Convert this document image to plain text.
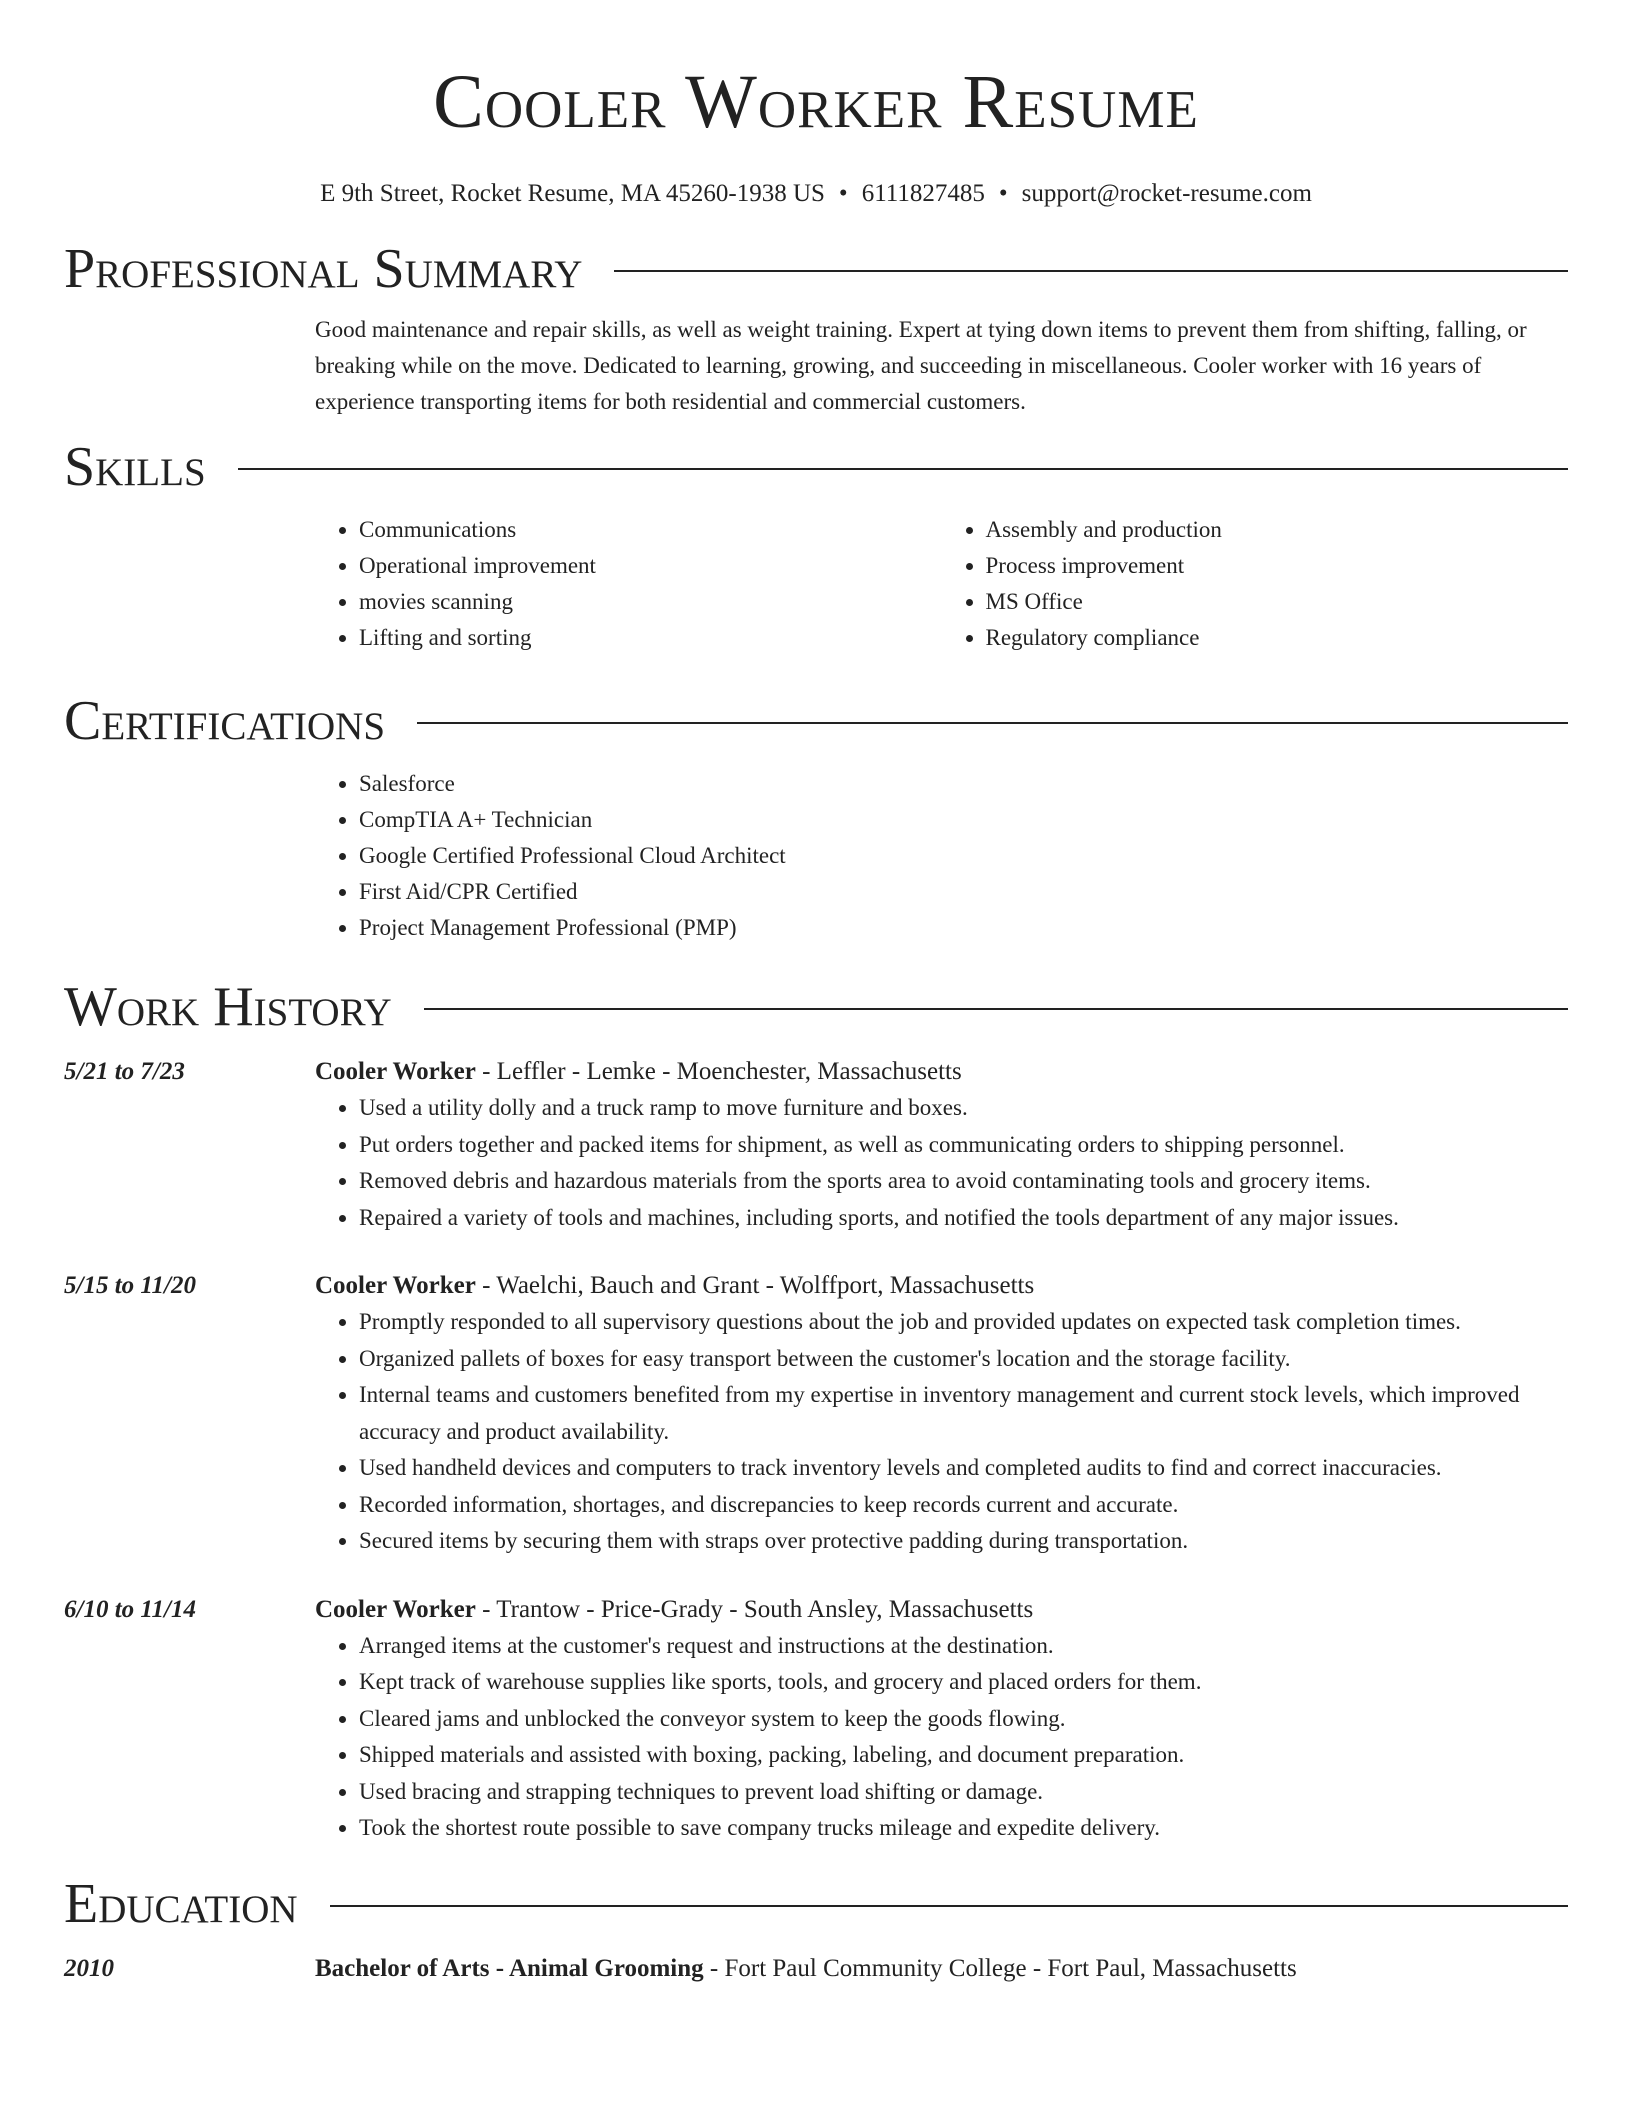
Cooler Worker Resume
E 9th Street, Rocket Resume, MA 45260-1938 US • 6111827485 • support@rocket-resume.com
Professional Summary

Good maintenance and repair skills, as well as weight training. Expert at tying down items to prevent them from shifting, falling, or breaking while on the move. Dedicated to learning, growing, and succeeding in miscellaneous. Cooler worker with 16 years of experience transporting items for both residential and commercial customers.

Skills
• Communications
• Operational improvement
• movies scanning
• Lifting and sorting
• Assembly and production
• Process improvement
• MS Office
• Regulatory compliance
Certifications
• Salesforce
• CompTIA A+ Technician
• Google Certified Professional Cloud Architect
• First Aid/CPR Certified
• Project Management Professional (PMP)
Work History
5/21 to 7/23	Cooler Worker - Leffler - Lemke - Moenchester, Massachusetts
• Used a utility dolly and a truck ramp to move furniture and boxes.
• Put orders together and packed items for shipment, as well as communicating orders to shipping personnel.
• Removed debris and hazardous materials from the sports area to avoid contaminating tools and grocery items.
• Repaired a variety of tools and machines, including sports, and notified the tools department of any major issues.
5/15 to 11/20	Cooler Worker - Waelchi, Bauch and Grant - Wolffport, Massachusetts
• Promptly responded to all supervisory questions about the job and provided updates on expected task completion times.
• Organized pallets of boxes for easy transport between the customer's location and the storage facility.
• Internal teams and customers benefited from my expertise in inventory management and current stock levels, which improved accuracy and product availability.
• Used handheld devices and computers to track inventory levels and completed audits to find and correct inaccuracies.
• Recorded information, shortages, and discrepancies to keep records current and accurate.
• Secured items by securing them with straps over protective padding during transportation.
6/10 to 11/14	Cooler Worker - Trantow - Price-Grady - South Ansley, Massachusetts
• Arranged items at the customer's request and instructions at the destination.
• Kept track of warehouse supplies like sports, tools, and grocery and placed orders for them.
• Cleared jams and unblocked the conveyor system to keep the goods flowing.
• Shipped materials and assisted with boxing, packing, labeling, and document preparation.
• Used bracing and strapping techniques to prevent load shifting or damage.
• Took the shortest route possible to save company trucks mileage and expedite delivery.
Education
2010	Bachelor of Arts - Animal Grooming - Fort Paul Community College - Fort Paul, Massachusetts
